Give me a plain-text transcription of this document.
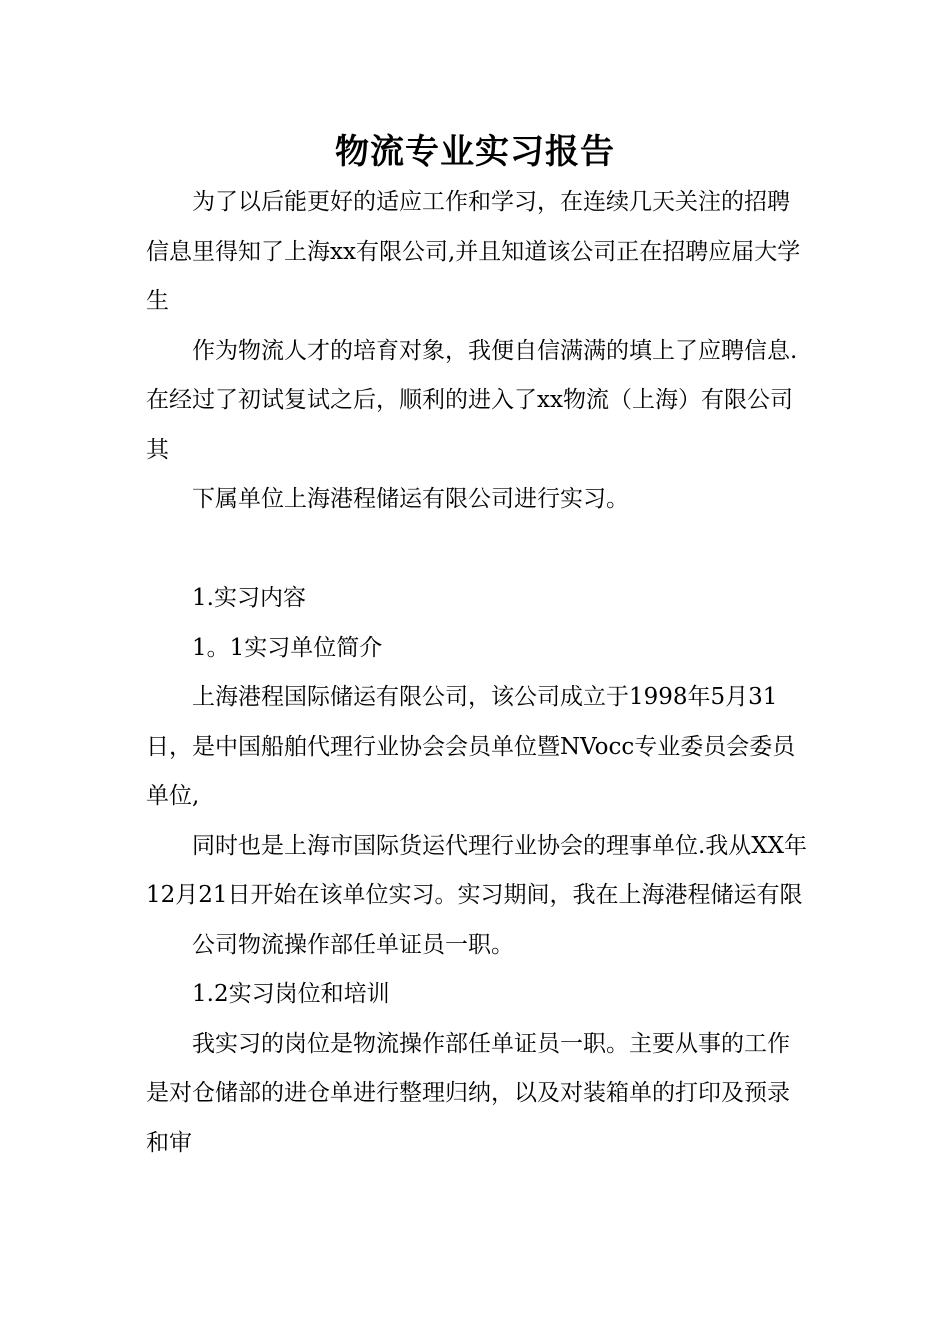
物流专业实习报告

为了以后能更好的适应工作和学习，在连续几天关注的招聘信息里得知了上海xx有限公司,并且知道该公司正在招聘应届大学生

作为物流人才的培育对象，我便自信满满的填上了应聘信息.在经过了初试复试之后，顺利的进入了xx物流（上海）有限公司其

下属单位上海港程储运有限公司进行实习。

1.实习内容

1。1实习单位简介

上海港程国际储运有限公司，该公司成立于1998年5月31日，是中国船舶代理行业协会会员单位暨NVocc专业委员会委员单位,

同时也是上海市国际货运代理行业协会的理事单位.我从XX年12月21日开始在该单位实习。实习期间，我在上海港程储运有限

公司物流操作部任单证员一职。

1.2实习岗位和培训

我实习的岗位是物流操作部任单证员一职。主要从事的工作是对仓储部的进仓单进行整理归纳，以及对装箱单的打印及预录和审
